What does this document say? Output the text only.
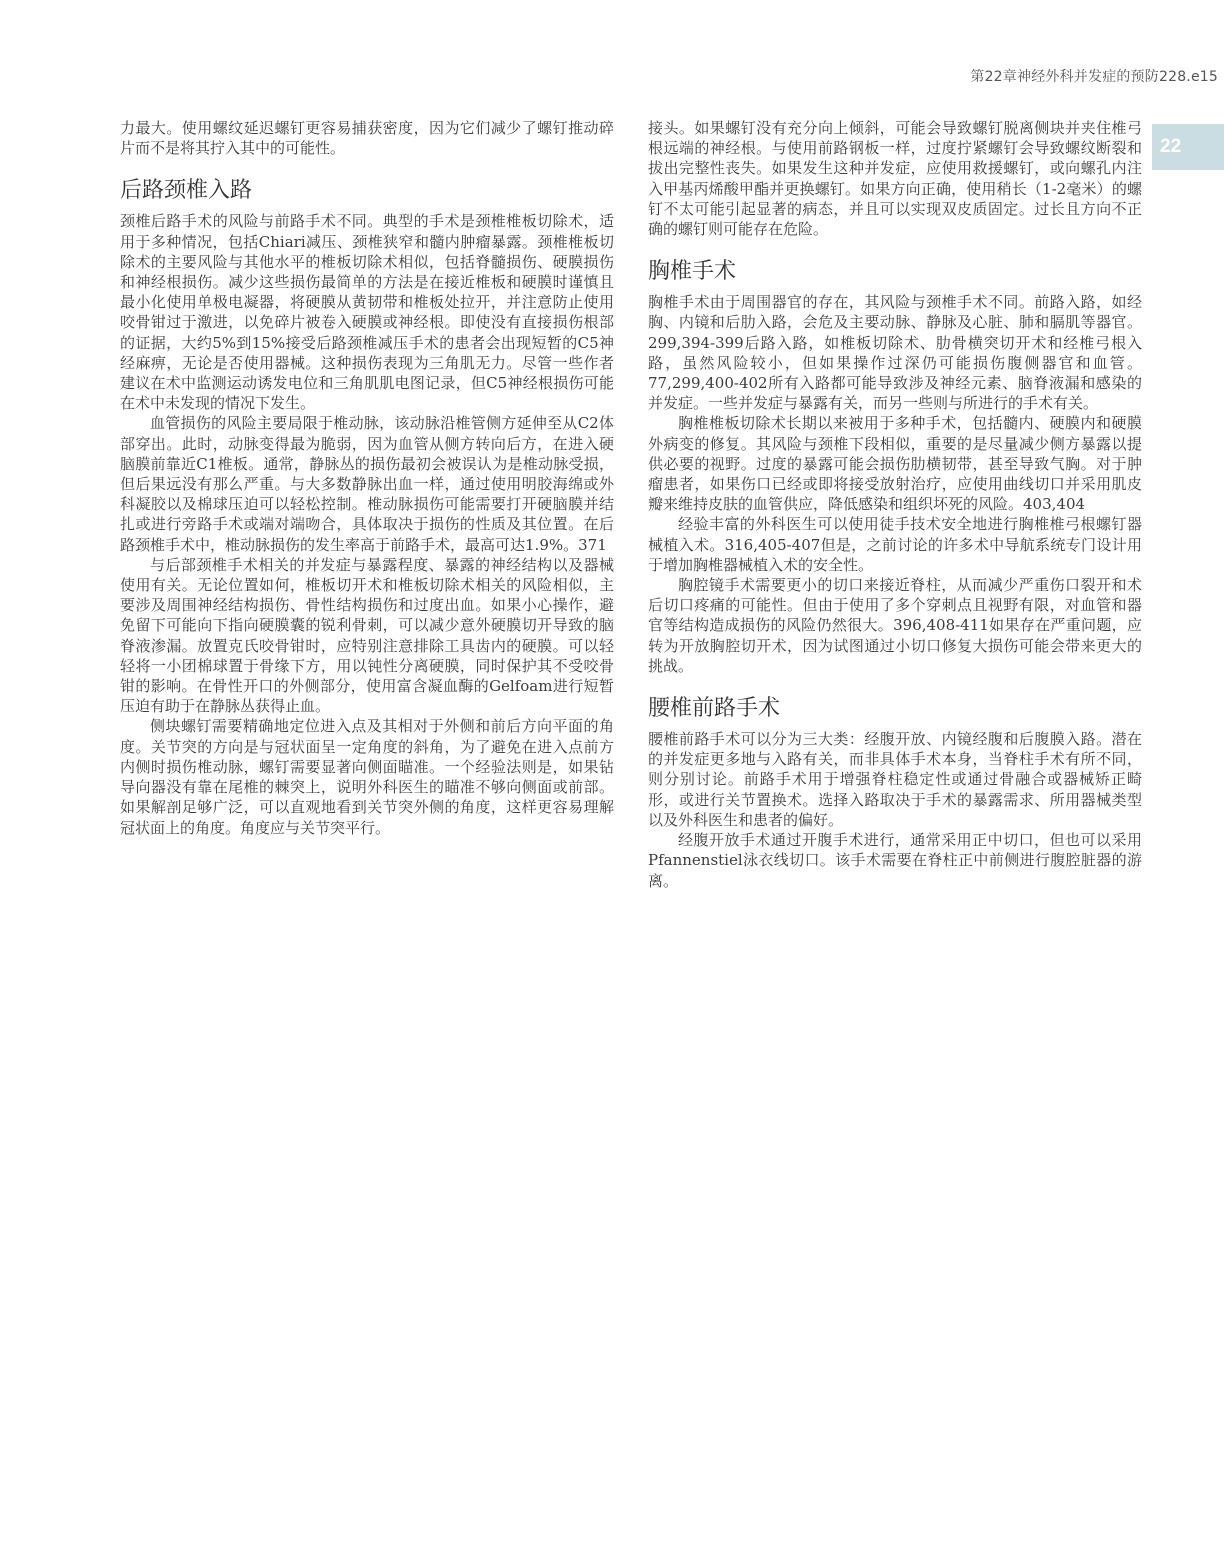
第22章神经外科并发症的预防228.e15
22

力最大。使用螺纹延迟螺钉更容易捕获密度，因为它们减少了螺钉推动碎片而不是将其拧入其中的可能性。

后路颈椎入路

颈椎后路手术的风险与前路手术不同。典型的手术是颈椎椎板切除术，适用于多种情况，包括Chiari减压、颈椎狭窄和髓内肿瘤暴露。颈椎椎板切除术的主要风险与其他水平的椎板切除术相似，包括脊髓损伤、硬膜损伤和神经根损伤。减少这些损伤最简单的方法是在接近椎板和硬膜时谨慎且最小化使用单极电凝器，将硬膜从黄韧带和椎板处拉开，并注意防止使用咬骨钳过于激进，以免碎片被卷入硬膜或神经根。即使没有直接损伤根部的证据，大约5%到15%接受后路颈椎减压手术的患者会出现短暂的C5神经麻痹，无论是否使用器械。这种损伤表现为三角肌无力。尽管一些作者建议在术中监测运动诱发电位和三角肌肌电图记录，但C5神经根损伤可能在术中未发现的情况下发生。

血管损伤的风险主要局限于椎动脉，该动脉沿椎管侧方延伸至从C2体部穿出。此时，动脉变得最为脆弱，因为血管从侧方转向后方，在进入硬脑膜前靠近C1椎板。通常，静脉丛的损伤最初会被误认为是椎动脉受损，但后果远没有那么严重。与大多数静脉出血一样，通过使用明胶海绵或外科凝胶以及棉球压迫可以轻松控制。椎动脉损伤可能需要打开硬脑膜并结扎或进行旁路手术或端对端吻合，具体取决于损伤的性质及其位置。在后路颈椎手术中，椎动脉损伤的发生率高于前路手术，最高可达1.9%。371

与后部颈椎手术相关的并发症与暴露程度、暴露的神经结构以及器械使用有关。无论位置如何，椎板切开术和椎板切除术相关的风险相似，主要涉及周围神经结构损伤、骨性结构损伤和过度出血。如果小心操作，避免留下可能向下指向硬膜囊的锐利骨刺，可以减少意外硬膜切开导致的脑脊液渗漏。放置克氏咬骨钳时，应特别注意排除工具齿内的硬膜。可以轻轻将一小团棉球置于骨缘下方，用以钝性分离硬膜，同时保护其不受咬骨钳的影响。在骨性开口的外侧部分，使用富含凝血酶的Gelfoam进行短暂压迫有助于在静脉丛获得止血。

侧块螺钉需要精确地定位进入点及其相对于外侧和前后方向平面的角度。关节突的方向是与冠状面呈一定角度的斜角，为了避免在进入点前方内侧时损伤椎动脉，螺钉需要显著向侧面瞄准。一个经验法则是，如果钻导向器没有靠在尾椎的棘突上，说明外科医生的瞄准不够向侧面或前部。如果解剖足够广泛，可以直观地看到关节突外侧的角度，这样更容易理解冠状面上的角度。角度应与关节突平行。

接头。如果螺钉没有充分向上倾斜，可能会导致螺钉脱离侧块并夹住椎弓根远端的神经根。与使用前路钢板一样，过度拧紧螺钉会导致螺纹断裂和拔出完整性丧失。如果发生这种并发症，应使用救援螺钉，或向螺孔内注入甲基丙烯酸甲酯并更换螺钉。如果方向正确，使用稍长（1-2毫米）的螺钉不太可能引起显著的病态，并且可以实现双皮质固定。过长且方向不正确的螺钉则可能存在危险。

胸椎手术

胸椎手术由于周围器官的存在，其风险与颈椎手术不同。前路入路，如经胸、内镜和后肋入路，会危及主要动脉、静脉及心脏、肺和膈肌等器官。299,394-399后路入路，如椎板切除术、肋骨横突切开术和经椎弓根入路，虽然风险较小，但如果操作过深仍可能损伤腹侧器官和血管。77,299,400-402所有入路都可能导致涉及神经元素、脑脊液漏和感染的并发症。一些并发症与暴露有关，而另一些则与所进行的手术有关。

胸椎椎板切除术长期以来被用于多种手术，包括髓内、硬膜内和硬膜外病变的修复。其风险与颈椎下段相似，重要的是尽量减少侧方暴露以提供必要的视野。过度的暴露可能会损伤肋横韧带，甚至导致气胸。对于肿瘤患者，如果伤口已经或即将接受放射治疗，应使用曲线切口并采用肌皮瓣来维持皮肤的血管供应，降低感染和组织坏死的风险。403,404

经验丰富的外科医生可以使用徒手技术安全地进行胸椎椎弓根螺钉器械植入术。316,405-407但是，之前讨论的许多术中导航系统专门设计用于增加胸椎器械植入术的安全性。

胸腔镜手术需要更小的切口来接近脊柱，从而减少严重伤口裂开和术后切口疼痛的可能性。但由于使用了多个穿刺点且视野有限，对血管和器官等结构造成损伤的风险仍然很大。396,408-411如果存在严重问题，应转为开放胸腔切开术，因为试图通过小切口修复大损伤可能会带来更大的挑战。

腰椎前路手术

腰椎前路手术可以分为三大类：经腹开放、内镜经腹和后腹膜入路。潜在的并发症更多地与入路有关，而非具体手术本身，当脊柱手术有所不同，则分别讨论。前路手术用于增强脊柱稳定性或通过骨融合或器械矫正畸形，或进行关节置换术。选择入路取决于手术的暴露需求、所用器械类型以及外科医生和患者的偏好。

经腹开放手术通过开腹手术进行，通常采用正中切口，但也可以采用Pfannenstiel泳衣线切口。该手术需要在脊柱正中前侧进行腹腔脏器的游离。
